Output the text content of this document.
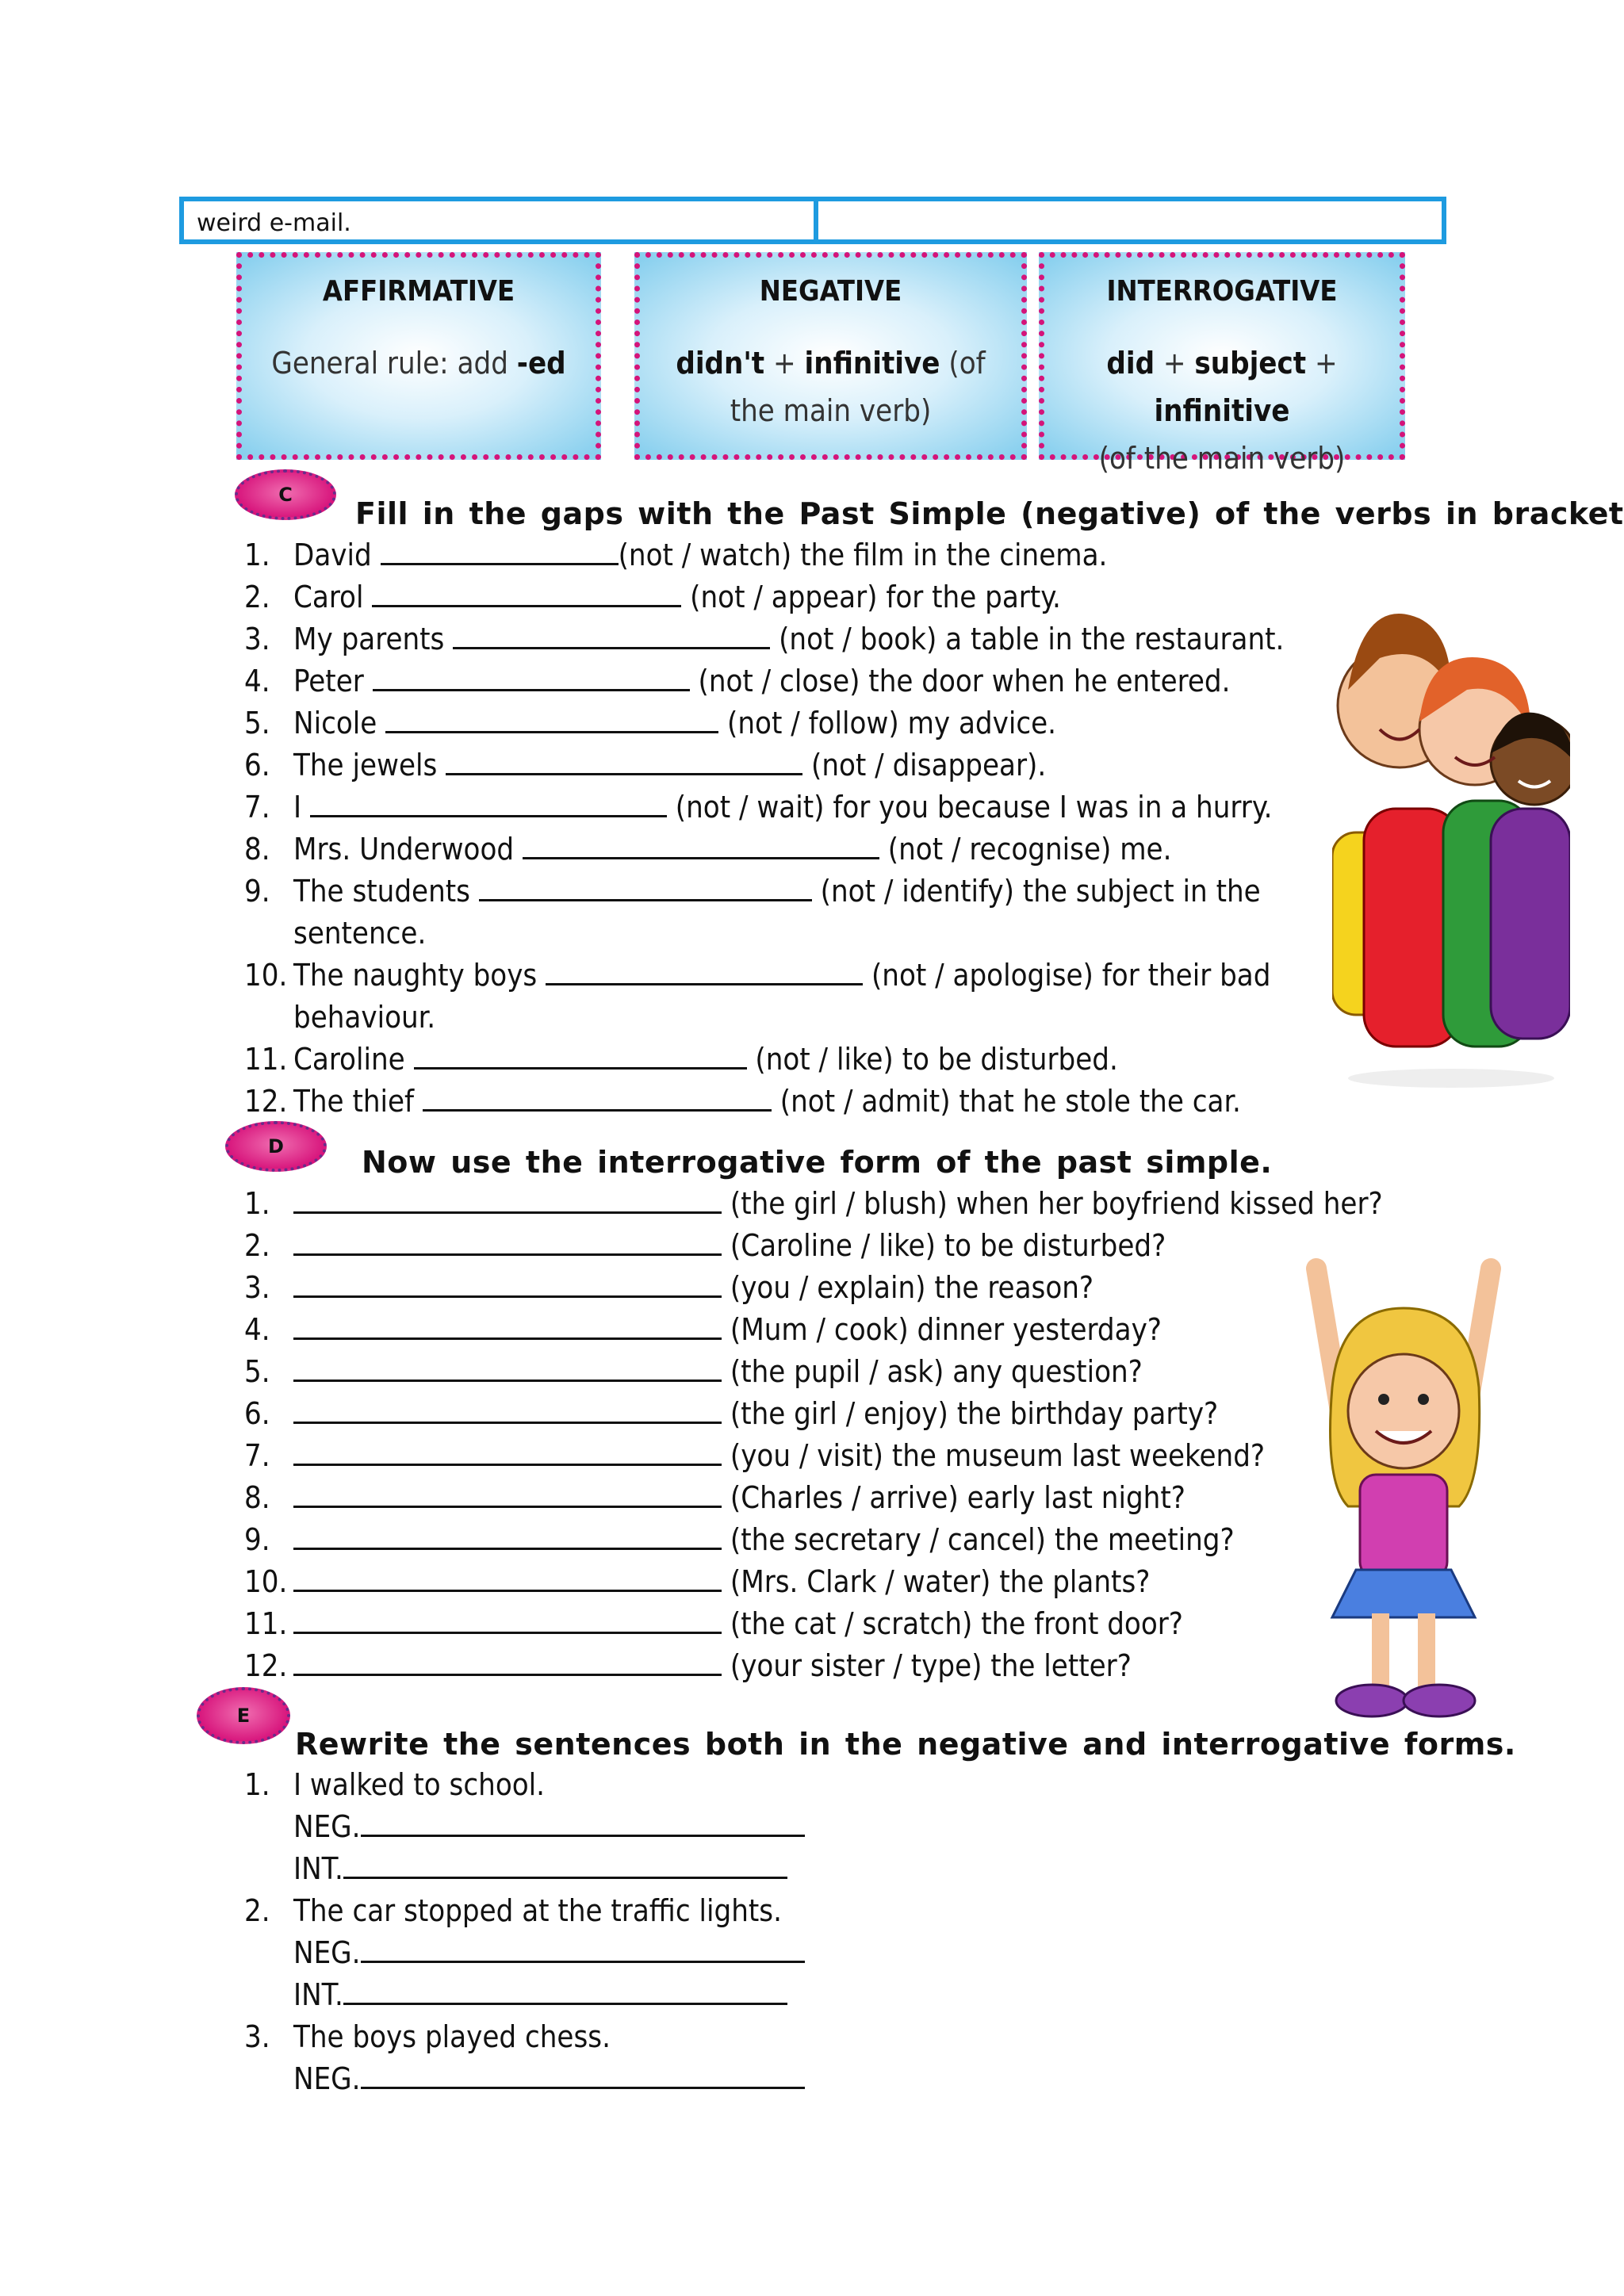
weird e-mail.
AFFIRMATIVE
General rule: add -ed
NEGATIVE
didn't + infinitive (of the main verb)
INTERROGATIVE
did + subject + infinitive
(of the main verb)
C
Fill in the gaps with the Past Simple (negative) of the verbs in bracket
1. David	(not / watch) the film in the cinema.
2. Carol	(not / appear) for the party.
3. My parents	(not / book) a table in the restaurant.
4. Peter	(not / close) the door when he entered.
5. Nicole	(not / follow) my advice.
6. The jewels	(not / disappear).
7. I	(not / wait) for you because I was in a hurry.
8. Mrs. Underwood	(not / recognise) me.
9. The students	(not / identify) the subject in the
sentence.
10. The naughty boys	(not / apologise) for their bad
behaviour.
11. Caroline	(not / like) to be disturbed.
12. The thief	(not / admit) that he stole the car.
D	Now use the interrogative form of the past simple.
1.	(the girl / blush) when her boyfriend kissed her?
2.	(Caroline / like) to be disturbed?
3.	(you / explain) the reason?
4.	(Mum / cook) dinner yesterday?
5.	(the pupil / ask) any question?
6.	(the girl / enjoy) the birthday party?
7.	(you / visit) the museum last weekend?
8.	(Charles / arrive) early last night?
9.	(the secretary / cancel) the meeting?
10.	(Mrs. Clark / water) the plants?
11.	(the cat / scratch) the front door?
12.	(your sister / type) the letter?
E
Rewrite the sentences both in the negative and interrogative forms.
1. I walked to school.
NEG.
INT.
2. The car stopped at the traffic lights.
NEG.
INT.
3. The boys played chess.
NEG.
